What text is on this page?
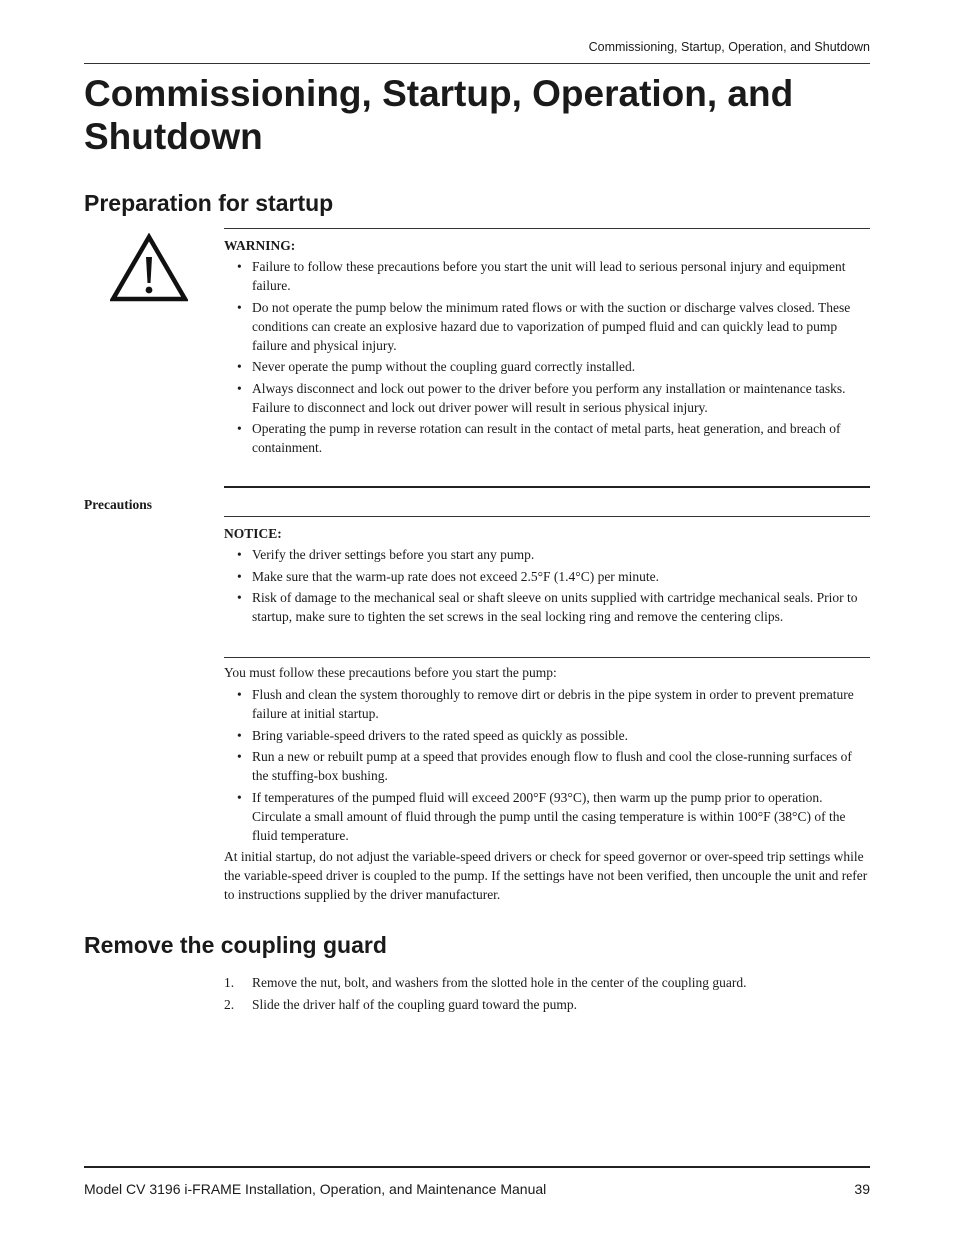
Commissioning, Startup, Operation, and Shutdown
Commissioning, Startup, Operation, and Shutdown
Preparation for startup
WARNING:
• Failure to follow these precautions before you start the unit will lead to serious personal injury and equipment failure.
• Do not operate the pump below the minimum rated flows or with the suction or discharge valves closed. These conditions can create an explosive hazard due to vaporization of pumped fluid and can quickly lead to pump failure and physical injury.
• Never operate the pump without the coupling guard correctly installed.
• Always disconnect and lock out power to the driver before you perform any installation or maintenance tasks. Failure to disconnect and lock out driver power will result in serious physical injury.
• Operating the pump in reverse rotation can result in the contact of metal parts, heat generation, and breach of containment.
Precautions
NOTICE:
• Verify the driver settings before you start any pump.
• Make sure that the warm-up rate does not exceed 2.5°F (1.4°C) per minute.
• Risk of damage to the mechanical seal or shaft sleeve on units supplied with cartridge mechanical seals. Prior to startup, make sure to tighten the set screws in the seal locking ring and remove the centering clips.

You must follow these precautions before you start the pump:

• Flush and clean the system thoroughly to remove dirt or debris in the pipe system in order to prevent premature failure at initial startup.
• Bring variable-speed drivers to the rated speed as quickly as possible.
• Run a new or rebuilt pump at a speed that provides enough flow to flush and cool the close-running surfaces of the stuffing-box bushing.
• If temperatures of the pumped fluid will exceed 200°F (93°C), then warm up the pump prior to operation. Circulate a small amount of fluid through the pump until the casing temperature is within 100°F (38°C) of the fluid temperature.

At initial startup, do not adjust the variable-speed drivers or check for speed governor or over-speed trip settings while the variable-speed driver is coupled to the pump. If the settings have not been verified, then uncouple the unit and refer to instructions supplied by the driver manufacturer.

Remove the coupling guard
1. Remove the nut, bolt, and washers from the slotted hole in the center of the coupling guard.
2. Slide the driver half of the coupling guard toward the pump.
Model CV 3196 i-FRAME Installation, Operation, and Maintenance Manual	39
